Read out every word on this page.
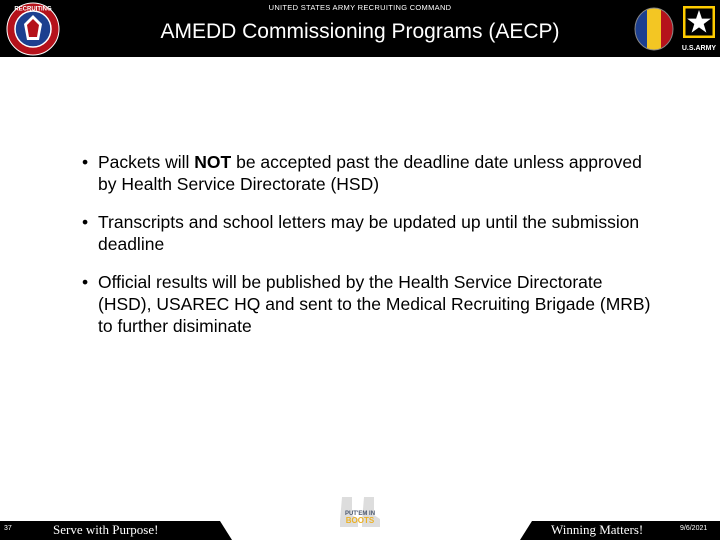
RECRUITING	UNITED STATES ARMY RECRUITING COMMAND
AMEDD Commissioning Programs (AECP)
U.S.ARMY
• Packets will NOT be accepted past the deadline date unless approved by Health Service Directorate (HSD)
• Transcripts and school letters may be updated up until the submission deadline
• Official results will be published by the Health Service Directorate (HSD), USAREC HQ and sent to the Medical Recruiting Brigade (MRB) to further disiminate
PUT'EM IN
BOOTS
37	Serve with Purpose!	Winning Matters!	9/6/2021
